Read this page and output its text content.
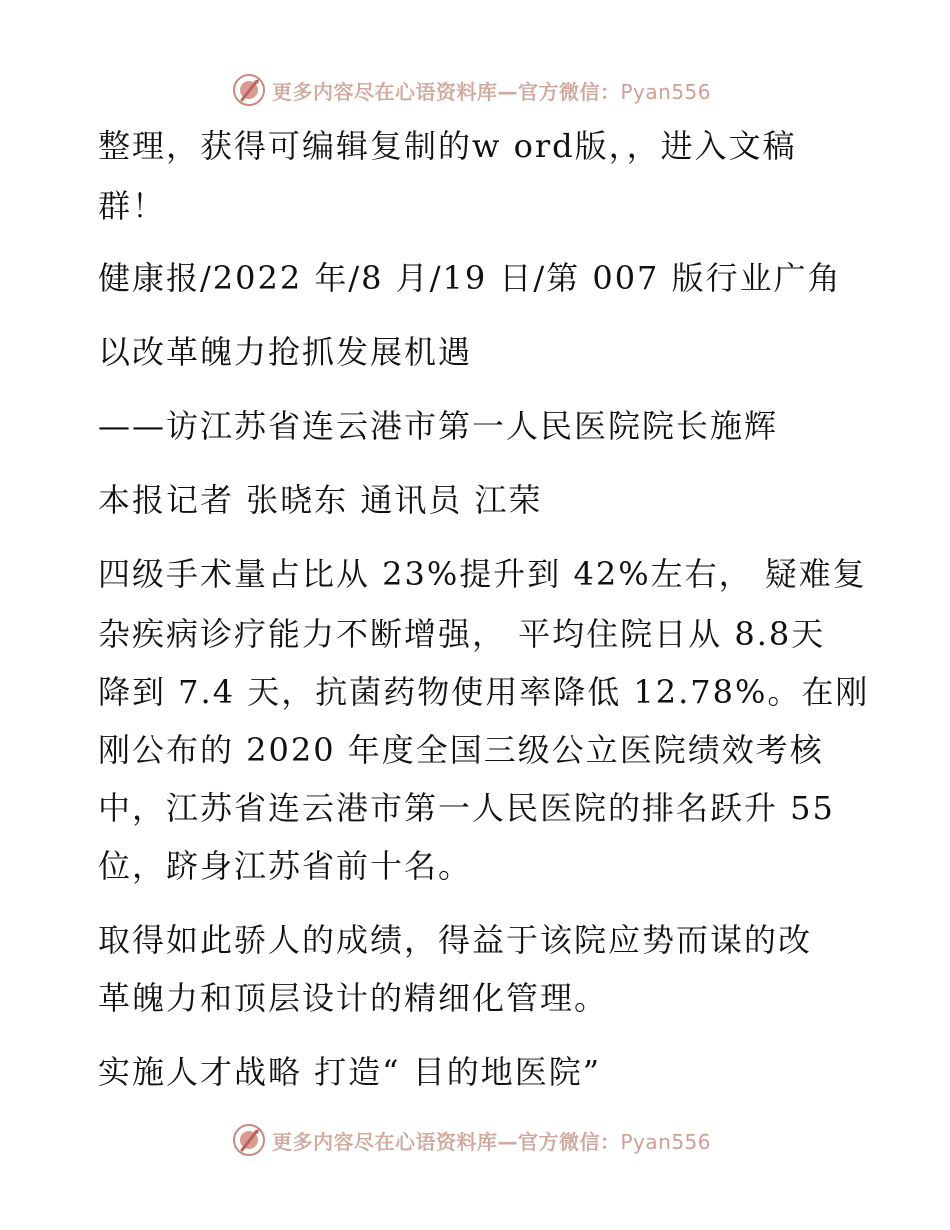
更多内容尽在心语资料库—官方微信：Pyan556

整理，获得可编辑复制的w ord版，，进入文稿

群！

健康报/2022 年/8 月/19 日/第 007 版行业广角

以改革魄力抢抓发展机遇

——访江苏省连云港市第一人民医院院长施辉

本报记者 张晓东 通讯员 江荣

四级手术量占比从 23%提升到 42%左右， 疑难复

杂疾病诊疗能力不断增强， 平均住院日从 8.8天

降到 7.4 天，抗菌药物使用率降低 12.78%。在刚

刚公布的 2020 年度全国三级公立医院绩效考核

中，江苏省连云港市第一人民医院的排名跃升 55

位，跻身江苏省前十名。

取得如此骄人的成绩，得益于该院应势而谋的改

革魄力和顶层设计的精细化管理。

实施人才战略 打造“ 目的地医院”

更多内容尽在心语资料库—官方微信：Pyan556
